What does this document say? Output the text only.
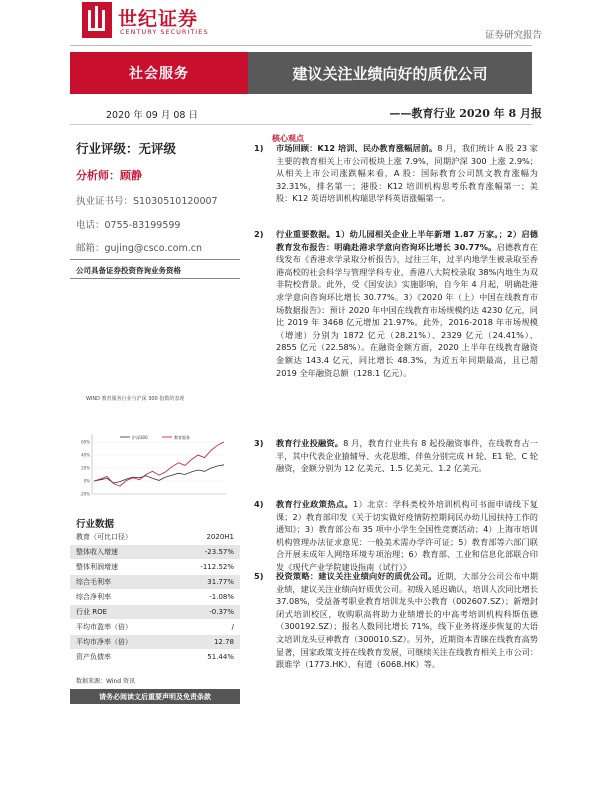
世纪证券
CENTURY SECURITIES	证券研究报告
社会服务	建议关注业绩向好的质优公司
2020 年 09 月 08 日	——教育行业 2020 年 8 月报
行业评级：无评级
分析师：顾静
执业证书号：S1030510120007
电话：0755-83199599
邮箱：gujing@csco.com.cn
公司具备证券投资咨询业务资格
WIND 教育服务行业与沪深 300 指数的表现
-20%
0%
20%
40%
60%
沪深300	教育服务
行业数据
教育（可比口径）	2020H1
整体收入增速	-23.57%
整体利润增速	-112.52%
综合毛利率	31.77%
综合净利率	-1.08%
行业 ROE	-0.37%
平均市盈率（倍）	/
平均市净率（倍）	12.78
资产负债率	51.44%
数据来源：Wind 资讯
请务必阅读文后重要声明及免责条款
核心观点
1) 市场回顾：K12 培训、民办教育涨幅居前。8 月，我们统计 A 股 23 家主要的教育相关上市公司板块上涨 7.9%，同期沪深 300 上涨 2.9%；从相关上市公司涨跌幅来看，A 股：国际教育公司凯文教育涨幅为 32.31%，排名第一；港股：K12 培训机构思考乐教育涨幅第一；美股：K12 英语培训机构瑞思学科英语涨幅第一。
2) 行业重要数据。1）幼儿园相关企业上半年新增 1.87 万家。；2）启德教育发布报告：明确赴港求学意向咨询环比增长 30.77%。启德教育在线发布《香港求学录取分析报告》，过往三年，过半内地学生被录取至香港高校的社会科学与管理学科专业，香港八大院校录取 38%内地生为双非院校背景。此外，受《国安法》实施影响，自今年 4 月起，明确赴港求学意向咨询环比增长 30.77%。3）《2020 年（上）中国在线教育市场数据报告》：预计 2020 年中国在线教育市场规模约达 4230 亿元，同比 2019 年 3468 亿元增加 21.97%。此外，2016-2018 年市场规模（增速）分别为 1872 亿元（28.21%）、2329 亿元（24.41%）、2855 亿元（22.58%）。在融资金额方面，2020 上半年在线教育融资金额达 143.4 亿元，同比增长 48.3%，为近五年同期最高，且已超 2019 全年融资总额（128.1 亿元）。
3) 教育行业投融资。8 月，教育行业共有 8 起投融资事件，在线教育占一半，其中代表企业猿辅导、火花思维、伴鱼分别完成 H 轮、E1 轮、C 轮融资，金额分别为 12 亿美元、1.5 亿美元、1.2 亿美元。
4) 教育行业政策热点。1）北京：学科类校外培训机构可书面申请线下复课；2）教育部印发《关于切实做好疫情防控期间民办幼儿园扶持工作的通知》；3）教育部公布 35 项中小学生全国性竞赛活动；4）上海市培训机构管理办法征求意见：一般美术需办学许可证；5）教育部等六部门联合开展未成年人网络环境专项治理；6）教育部、工业和信息化部联合印发《现代产业学院建设指南（试行）》
5) 投资策略：建议关注业绩向好的质优公司。近期，大部分公司公布中期业绩，建议关注业绩向好质优公司。初级入延迟确认，培训人次同比增长 37.08%，受益备考职业教育培训龙头中公教育（002607.SZ）；新增封闭式培训校区，收购职高将助力业绩增长的中高考培训机构科斯伍德（300192.SZ）；报名人数同比增长 71%，线下业务将逐步恢复的大语文培训龙头豆神教育（300010.SZ）。另外，近期资本青睐在线教育高势显著，国家政策支持在线教育发展，可继续关注在线教育相关上市公司：跟谁学（1773.HK）、有道（6068.HK）等。
